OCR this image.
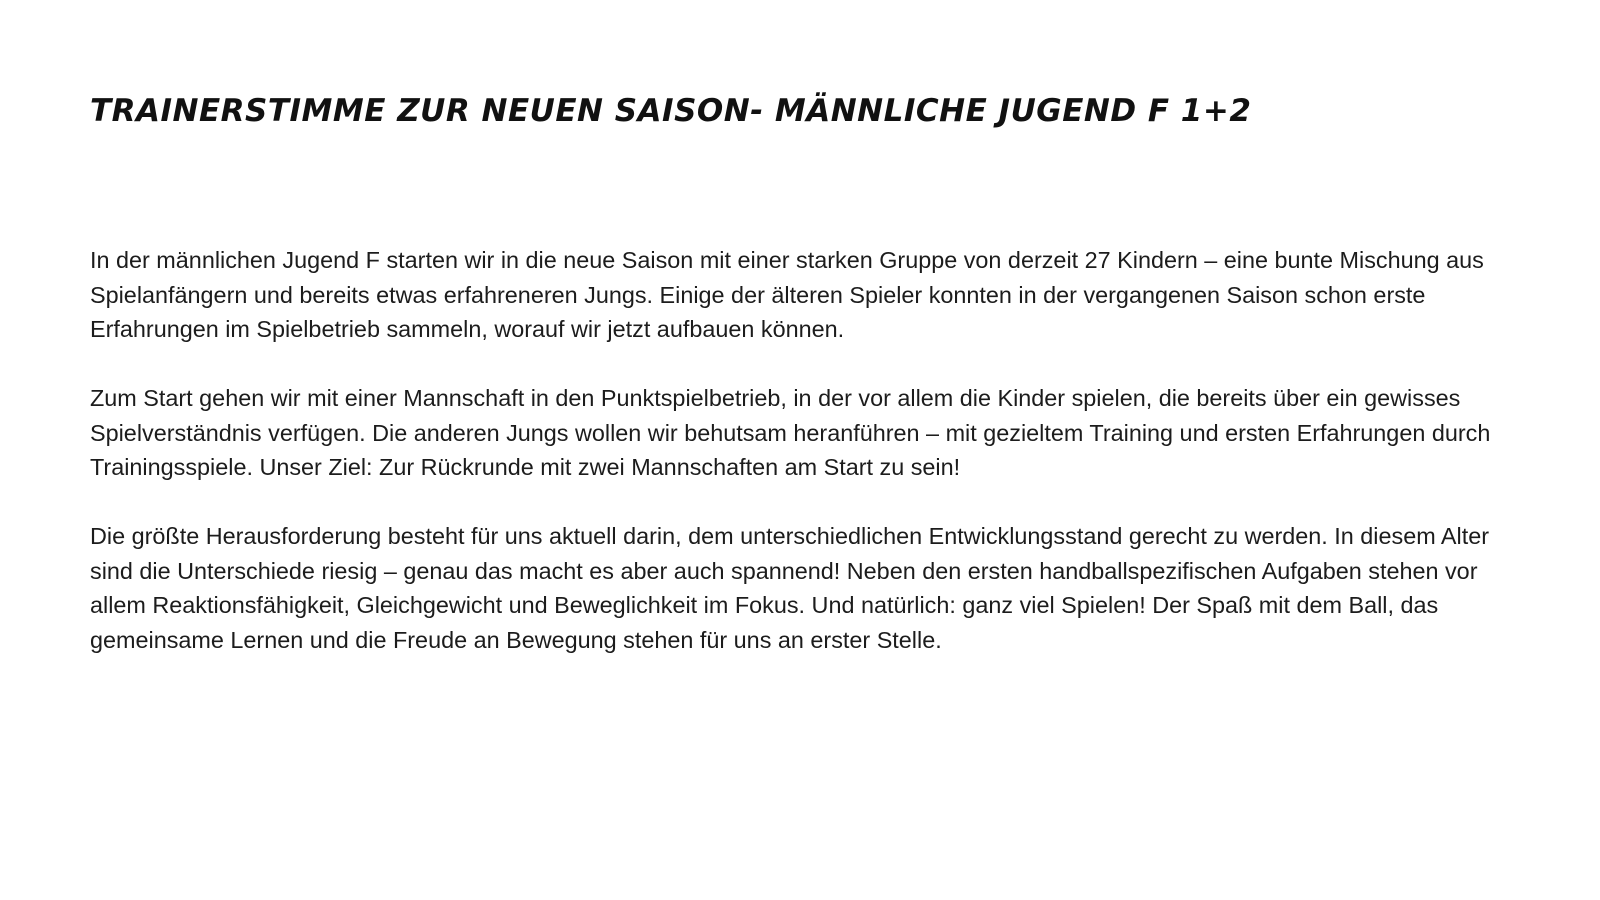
TRAINERSTIMME ZUR NEUEN SAISON- MÄNNLICHE JUGEND F 1+2

In der männlichen Jugend F starten wir in die neue Saison mit einer starken Gruppe von derzeit 27 Kindern – eine bunte Mischung aus Spielanfängern und bereits etwas erfahreneren Jungs. Einige der älteren Spieler konnten in der vergangenen Saison schon erste Erfahrungen im Spielbetrieb sammeln, worauf wir jetzt aufbauen können.

Zum Start gehen wir mit einer Mannschaft in den Punktspielbetrieb, in der vor allem die Kinder spielen, die bereits über ein gewisses Spielverständnis verfügen. Die anderen Jungs wollen wir behutsam heranführen – mit gezieltem Training und ersten Erfahrungen durch Trainingsspiele. Unser Ziel: Zur Rückrunde mit zwei Mannschaften am Start zu sein!

Die größte Herausforderung besteht für uns aktuell darin, dem unterschiedlichen Entwicklungsstand gerecht zu werden. In diesem Alter sind die Unterschiede riesig – genau das macht es aber auch spannend! Neben den ersten handballspezifischen Aufgaben stehen vor allem Reaktionsfähigkeit, Gleichgewicht und Beweglichkeit im Fokus. Und natürlich: ganz viel Spielen! Der Spaß mit dem Ball, das gemeinsame Lernen und die Freude an Bewegung stehen für uns an erster Stelle.
